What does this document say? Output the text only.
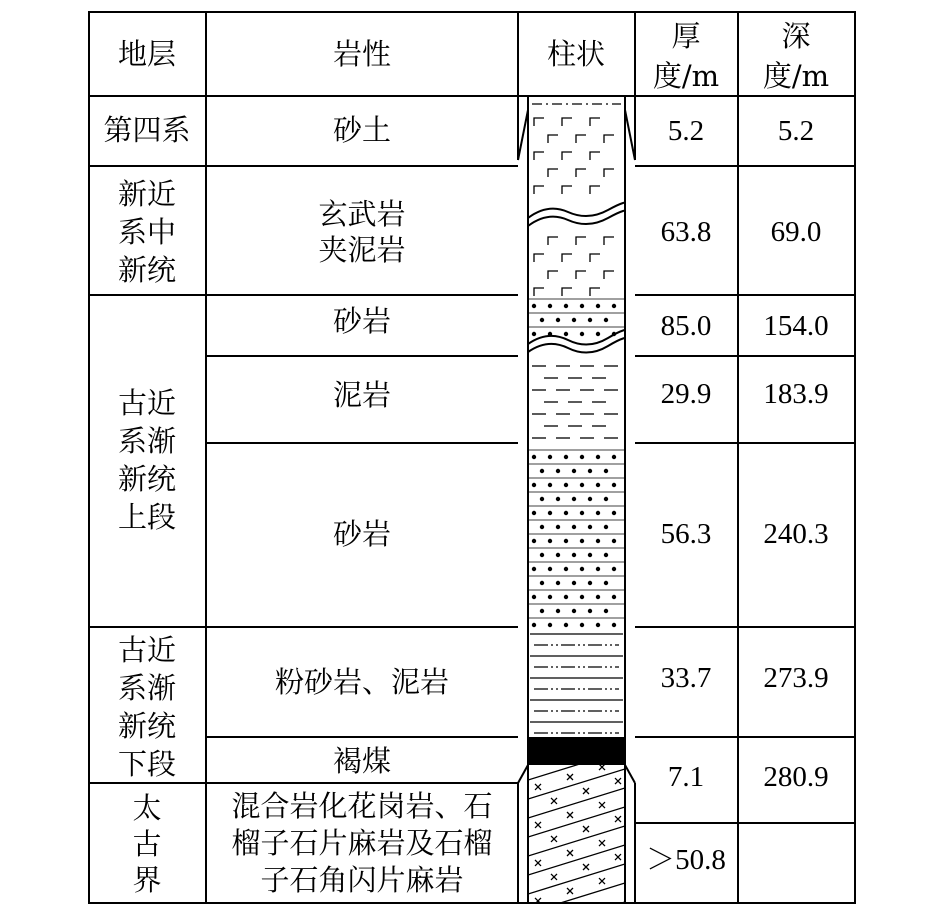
地层	岩性	柱状
厚
度/m
深
度/m
第四系
新近
系中
新统
古近
系渐
新统
上段
古近
系渐
新统
下段
太
古
界
砂土
玄武岩
夹泥岩
砂岩
泥岩
砂岩
粉砂岩、泥岩
褐煤
混合岩化花岗岩、石
榴子石片麻岩及石榴
子石角闪片麻岩
5.2
63.8
85.0
29.9
56.3
33.7
7.1
＞50.8
5.2
69.0
154.0
183.9
240.3
273.9
280.9
